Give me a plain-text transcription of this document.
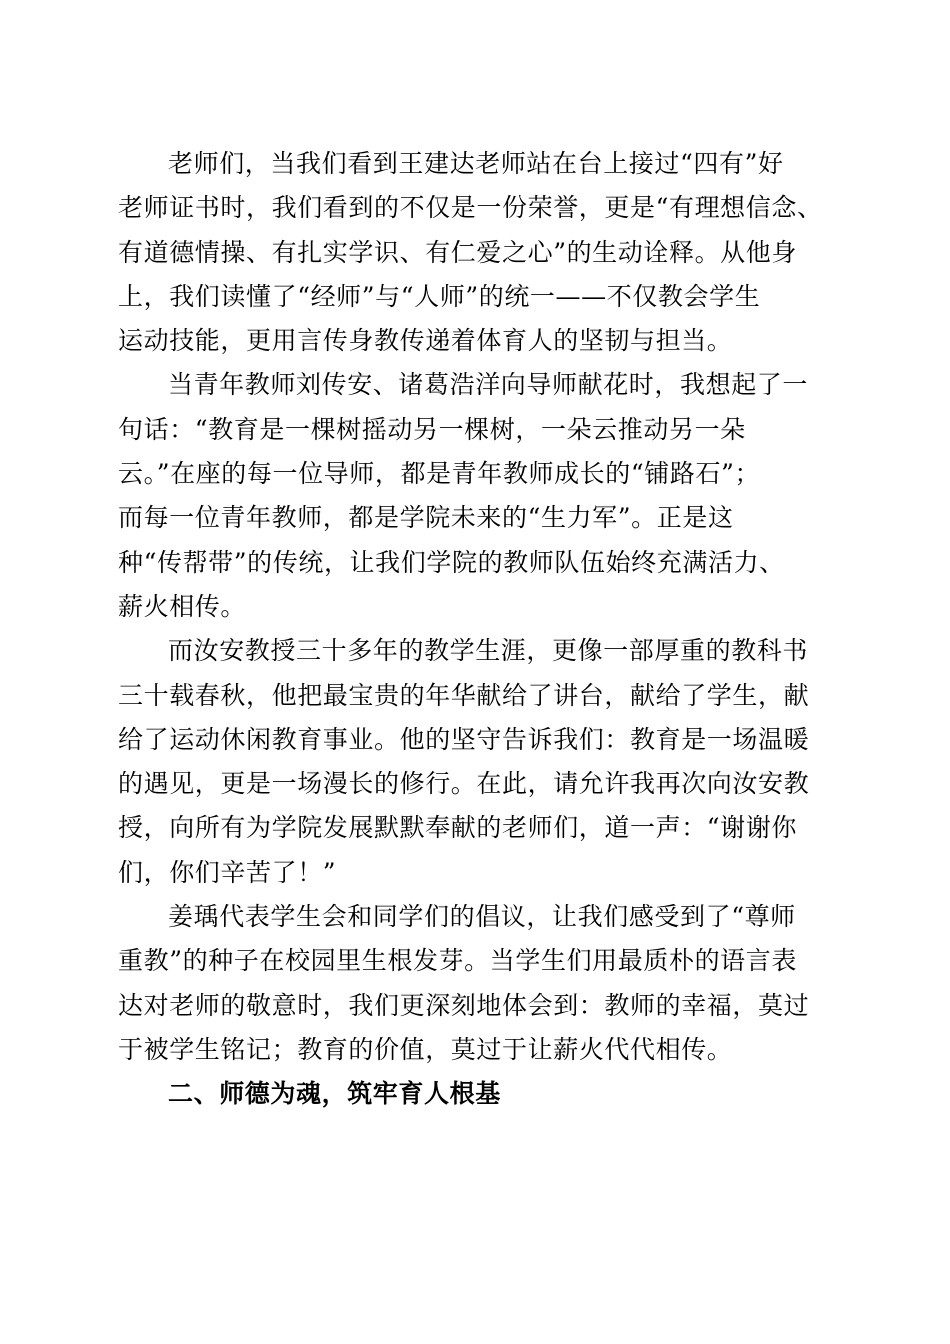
老师们，当我们看到王建达老师站在台上接过“四有”好
老师证书时，我们看到的不仅是一份荣誉，更是“有理想信念、
有道德情操、有扎实学识、有仁爱之心”的生动诠释。从他身
上，我们读懂了“经师”与“人师”的统一——不仅教会学生
运动技能，更用言传身教传递着体育人的坚韧与担当。

当青年教师刘传安、诸葛浩洋向导师献花时，我想起了一
句话：“教育是一棵树摇动另一棵树，一朵云推动另一朵
云。”在座的每一位导师，都是青年教师成长的“铺路石”；
而每一位青年教师，都是学院未来的“生力军”。正是这
种“传帮带”的传统，让我们学院的教师队伍始终充满活力、
薪火相传。

而汝安教授三十多年的教学生涯，更像一部厚重的教科书
三十载春秋，他把最宝贵的年华献给了讲台，献给了学生，献
给了运动休闲教育事业。他的坚守告诉我们：教育是一场温暖
的遇见，更是一场漫长的修行。在此，请允许我再次向汝安教
授，向所有为学院发展默默奉献的老师们，道一声：“谢谢你
们，你们辛苦了！”

姜瑀代表学生会和同学们的倡议，让我们感受到了“尊师
重教”的种子在校园里生根发芽。当学生们用最质朴的语言表
达对老师的敬意时，我们更深刻地体会到：教师的幸福，莫过
于被学生铭记；教育的价值，莫过于让薪火代代相传。

二、师德为魂，筑牢育人根基
